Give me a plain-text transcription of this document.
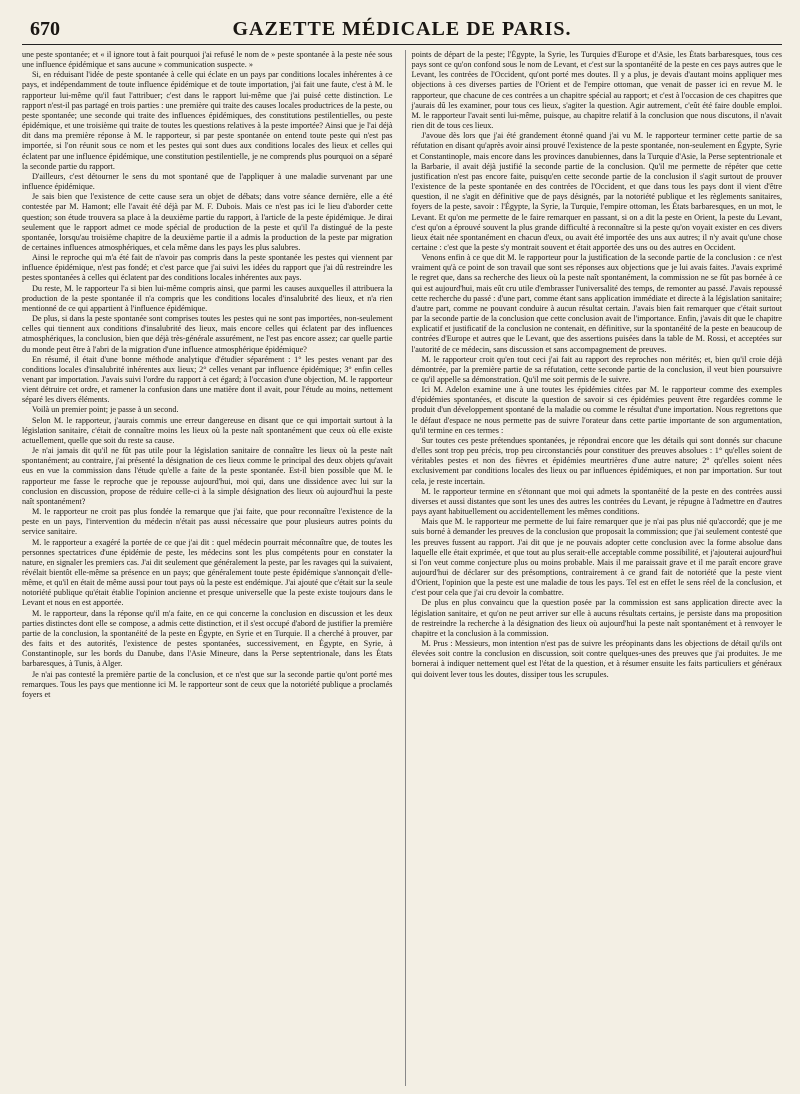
670	GAZETTE MÉDICALE DE PARIS.

une peste spontanée; et « il ignore tout à fait pourquoi j'ai refusé le nom de » peste spontanée à la peste née sous une influence épidémique et sans aucune » communication suspecte. »

Si, en réduisant l'idée de peste spontanée à celle qui éclate en un pays par conditions locales inhérentes à ce pays, et indépendamment de toute influence épidémique et de toute importation, j'ai fait une faute, c'est à M. le rapporteur lui-même qu'il faut l'attribuer; c'est dans le rapport lui-même que j'ai puisé cette distinction. Le rapport n'est-il pas partagé en trois parties : une première qui traite des causes locales productrices de la peste, ou peste spontanée; une seconde qui traite des influences épidémiques, des constitutions pestilentielles, ou peste épidémique, et une troisième qui traite de toutes les questions relatives à la peste importée? Ainsi que je l'ai déjà dit dans ma première réponse à M. le rapporteur, si par peste spontanée on entend toute peste qui n'est pas importée, si l'on réunit sous ce nom et les pestes qui sont dues aux conditions locales des lieux et celles qui éclatent par une influence épidémique, une constitution pestilentielle, je ne comprends plus pourquoi on a séparé la seconde partie du rapport.

D'ailleurs, c'est détourner le sens du mot spontané que de l'appliquer à une maladie survenant par une influence épidémique.

Je sais bien que l'existence de cette cause sera un objet de débats; dans votre séance dernière, elle a été contestée par M. Hamont; elle l'avait été déjà par M. F. Dubois. Mais ce n'est pas ici le lieu d'aborder cette question; son étude trouvera sa place à la deuxième partie du rapport, à l'article de la peste épidémique. Je dirai seulement que le rapport admet ce mode spécial de production de la peste et qu'il l'a distingué de la peste spontanée, lorsqu'au troisième chapitre de la deuxième partie il a admis la production de la peste par migration de certaines influences atmosphériques, et cela même dans les pays les plus salubres.

Ainsi le reproche qui m'a été fait de n'avoir pas compris dans la peste spontanée les pestes qui viennent par influence épidémique, n'est pas fondé; et c'est parce que j'ai suivi les idées du rapport que j'ai dû restreindre les pestes spontanées à celles qui éclatent par des conditions locales inhérentes aux pays.

Du reste, M. le rapporteur l'a si bien lui-même compris ainsi, que parmi les causes auxquelles il attribuera la production de la peste spontanée il n'a compris que les conditions locales d'insalubrité des lieux, et n'a rien mentionné de ce qui appartient à l'influence épidémique.

De plus, si dans la peste spontanée sont comprises toutes les pestes qui ne sont pas importées, non-seulement celles qui tiennent aux conditions d'insalubrité des lieux, mais encore celles qui éclatent par des influences atmosphériques, la conclusion, bien que déjà très-générale assurément, ne l'est pas encore assez; car quelle partie du monde peut être à l'abri de la migration d'une influence atmosphérique épidémique?

En résumé, il était d'une bonne méthode analytique d'étudier séparément : 1° les pestes venant par des conditions locales d'insalubrité inhérentes aux lieux; 2° celles venant par influence épidémique; 3° enfin celles venant par importation. J'avais suivi l'ordre du rapport à cet égard; à l'occasion d'une objection, M. le rapporteur vient détruire cet ordre, et ramener la confusion dans une matière dont il avait, pour l'étude au moins, nettement séparé les divers éléments.

Voilà un premier point; je passe à un second.

Selon M. le rapporteur, j'aurais commis une erreur dangereuse en disant que ce qui importait surtout à la législation sanitaire, c'était de connaître moins les lieux où la peste naît spontanément que ceux où elle existe actuellement, quelle que soit du reste sa cause.

Je n'ai jamais dit qu'il ne fût pas utile pour la législation sanitaire de connaître les lieux où la peste naît spontanément; au contraire, j'ai présenté la désignation de ces lieux comme le principal des deux objets qu'avait eus en vue la commission dans l'étude qu'elle a faite de la peste spontanée. Est-il bien possible que M. le rapporteur me fasse le reproche que je repousse aujourd'hui, moi qui, dans une dissidence avec lui sur la conclusion en discussion, propose de réduire celle-ci à la simple désignation des lieux où aujourd'hui la peste naît spontanément?

M. le rapporteur ne croit pas plus fondée la remarque que j'ai faite, que pour reconnaître l'existence de la peste en un pays, l'intervention du médecin n'était pas aussi nécessaire que pour plusieurs autres points du service sanitaire.

M. le rapporteur a exagéré la portée de ce que j'ai dit : quel médecin pourrait méconnaître que, de toutes les personnes spectatrices d'une épidémie de peste, les médecins sont les plus compétents pour en constater la nature, en signaler les premiers cas. J'ai dit seulement que généralement la peste, par les ravages qui la suivaient, révélait bientôt elle-même sa présence en un pays; que généralement toute peste épidémique s'annonçait d'elle-même, et qu'il en était de même aussi pour tout pays où la peste est endémique. J'ai ajouté que c'était sur la seule notoriété publique qu'était établie l'opinion ancienne et presque universelle que la peste existe toujours dans le Levant et nous en est apportée.

M. le rapporteur, dans la réponse qu'il m'a faite, en ce qui concerne la conclusion en discussion et les deux parties distinctes dont elle se compose, a admis cette distinction, et il s'est occupé d'abord de justifier la première partie de la conclusion, la spontanéité de la peste en Égypte, en Syrie et en Turquie. Il a cherché à prouver, par des faits et des autorités, l'existence de pestes spontanées, successivement, en Égypte, en Syrie, à Constantinople, sur les bords du Danube, dans l'Asie Mineure, dans la Perse septentrionale, dans les États barbaresques, à Tunis, à Alger.

Je n'ai pas contesté la première partie de la conclusion, et ce n'est que sur la seconde partie qu'ont porté mes remarques. Tous les pays que mentionne ici M. le rapporteur sont de ceux que la notoriété publique a proclamés foyers et

points de départ de la peste; l'Égypte, la Syrie, les Turquies d'Europe et d'Asie, les États barbaresques, tous ces pays sont ce qu'on confond sous le nom de Levant, et c'est sur la spontanéité de la peste en ces pays autres que le Levant, les contrées de l'Occident, qu'ont porté mes doutes. Il y a plus, je devais d'autant moins appliquer mes objections à ces diverses parties de l'Orient et de l'empire ottoman, que venait de passer ici en revue M. le rapporteur, que chacune de ces contrées a un chapitre spécial au rapport; et c'est à l'occasion de ces chapitres que j'aurais dû les examiner, pour tous ces lieux, s'agiter la question. Agir autrement, c'eût été faire double emploi. M. le rapporteur l'avait senti lui-même, puisque, au chapitre relatif à la conclusion que nous discutons, il n'avait rien dit de tous ces lieux.

J'avoue dès lors que j'ai été grandement étonné quand j'ai vu M. le rapporteur terminer cette partie de sa réfutation en disant qu'après avoir ainsi prouvé l'existence de la peste spontanée, non-seulement en Égypte, Syrie et Constantinople, mais encore dans les provinces danubiennes, dans la Turquie d'Asie, la Perse septentrionale et la Barbarie, il avait déjà justifié la seconde partie de la conclusion. Qu'il me permette de répéter que cette justification n'est pas encore faite, puisqu'en cette seconde partie de la conclusion il s'agit surtout de prouver l'existence de la peste spontanée en des contrées de l'Occident, et que dans tous les pays dont il vient d'être question, il ne s'agit en définitive que de pays désignés, par la notoriété publique et les règlements sanitaires, foyers de la peste, savoir : l'Égypte, la Syrie, la Turquie, l'empire ottoman, les États barbaresques, en un mot, le Levant. Et qu'on me permette de le faire remarquer en passant, si on a dit la peste en Orient, la peste du Levant, c'est qu'on a éprouvé souvent la plus grande difficulté à reconnaître si la peste qu'on voyait exister en ces divers lieux était née spontanément en chacun d'eux, ou avait été importée des uns aux autres; il n'y avait qu'une chose certaine : c'est que la peste s'y montrait souvent et était apportée des uns ou des autres en Occident.

Venons enfin à ce que dit M. le rapporteur pour la justification de la seconde partie de la conclusion : ce n'est vraiment qu'à ce point de son travail que sont ses réponses aux objections que je lui avais faites. J'avais exprimé le regret que, dans sa recherche des lieux où la peste naît spontanément, la commission ne se fût pas bornée à ce qui est aujourd'hui, mais eût cru utile d'embrasser l'universalité des temps, de remonter au passé. J'avais repoussé cette recherche du passé : d'une part, comme étant sans application immédiate et directe à la législation sanitaire; d'autre part, comme ne pouvant conduire à aucun résultat certain. J'avais bien fait remarquer que c'était surtout par la seconde partie de la conclusion que cette conclusion avait de l'importance. Enfin, j'avais dit que le chapitre explicatif et justificatif de la conclusion ne contenait, en définitive, sur la spontanéité de la peste en beaucoup de contrées d'Europe et autres que le Levant, que des assertions puisées dans la table de M. Rossi, et acceptées sur l'autorité de ce médecin, sans discussion et sans accompagnement de preuves.

M. le rapporteur croit qu'en tout ceci j'ai fait au rapport des reproches non mérités; et, bien qu'il croie déjà démontrée, par la première partie de sa réfutation, cette seconde partie de la conclusion, il veut bien poursuivre ce qu'il appelle sa démonstration. Qu'il me soit permis de le suivre.

Ici M. Adelon examine une à une toutes les épidémies citées par M. le rapporteur comme des exemples d'épidémies spontanées, et discute la question de savoir si ces épidémies peuvent être regardées comme le produit d'un développement spontané de la maladie ou comme le résultat d'une importation. Nous regrettons que le défaut d'espace ne nous permette pas de suivre l'orateur dans cette partie importante de son argumentation, qu'il termine en ces termes :

Sur toutes ces peste prétendues spontanées, je répondrai encore que les détails qui sont donnés sur chacune d'elles sont trop peu précis, trop peu circonstanciés pour constituer des preuves absolues : 1° qu'elles soient de véritables pestes et non des fièvres et épidémies meurtrières d'une autre nature; 2° qu'elles soient nées exclusivement par conditions locales des lieux ou par influences épidémiques, et non par importation. Sur tout cela, je reste incertain.

M. le rapporteur termine en s'étonnant que moi qui admets la spontanéité de la peste en des contrées aussi diverses et aussi distantes que sont les unes des autres les contrées du Levant, je répugne à l'admettre en d'autres pays ayant habituellement ou accidentellement les mêmes conditions.

Mais que M. le rapporteur me permette de lui faire remarquer que je n'ai pas plus nié qu'accordé; que je me suis borné à demander les preuves de la conclusion que proposait la commission; que j'ai seulement contesté que les preuves fussent au rapport. J'ai dit que je ne pouvais adopter cette conclusion avec la forme absolue dans laquelle elle était exprimée, et que tout au plus serait-elle acceptable comme possibilité, et j'ajouterai aujourd'hui si l'on veut comme conjecture plus ou moins probable. Mais il me paraissait grave et il me paraît encore grave aujourd'hui de déclarer sur des présomptions, contrairement à ce grand fait de notoriété que la peste vient d'Orient, l'opinion que la peste est une maladie de tous les pays. Tel est en effet le sens réel de la conclusion, et c'est pour cela que j'ai cru devoir la combattre.

De plus en plus convaincu que la question posée par la commission est sans application directe avec la législation sanitaire, et qu'on ne peut arriver sur elle à aucuns résultats certains, je persiste dans ma proposition de restreindre la recherche à la désignation des lieux où aujourd'hui la peste naît spontanément et à renvoyer le chapitre et la conclusion à la commission.

M. Prus : Messieurs, mon intention n'est pas de suivre les préopinants dans les objections de détail qu'ils ont élevées soit contre la conclusion en discussion, soit contre quelques-unes des preuves que j'ai produites. Je me bornerai à indiquer nettement quel est l'état de la question, et à résumer ensuite les faits particuliers et généraux qui doivent lever tous les doutes, dissiper tous les scrupules.
